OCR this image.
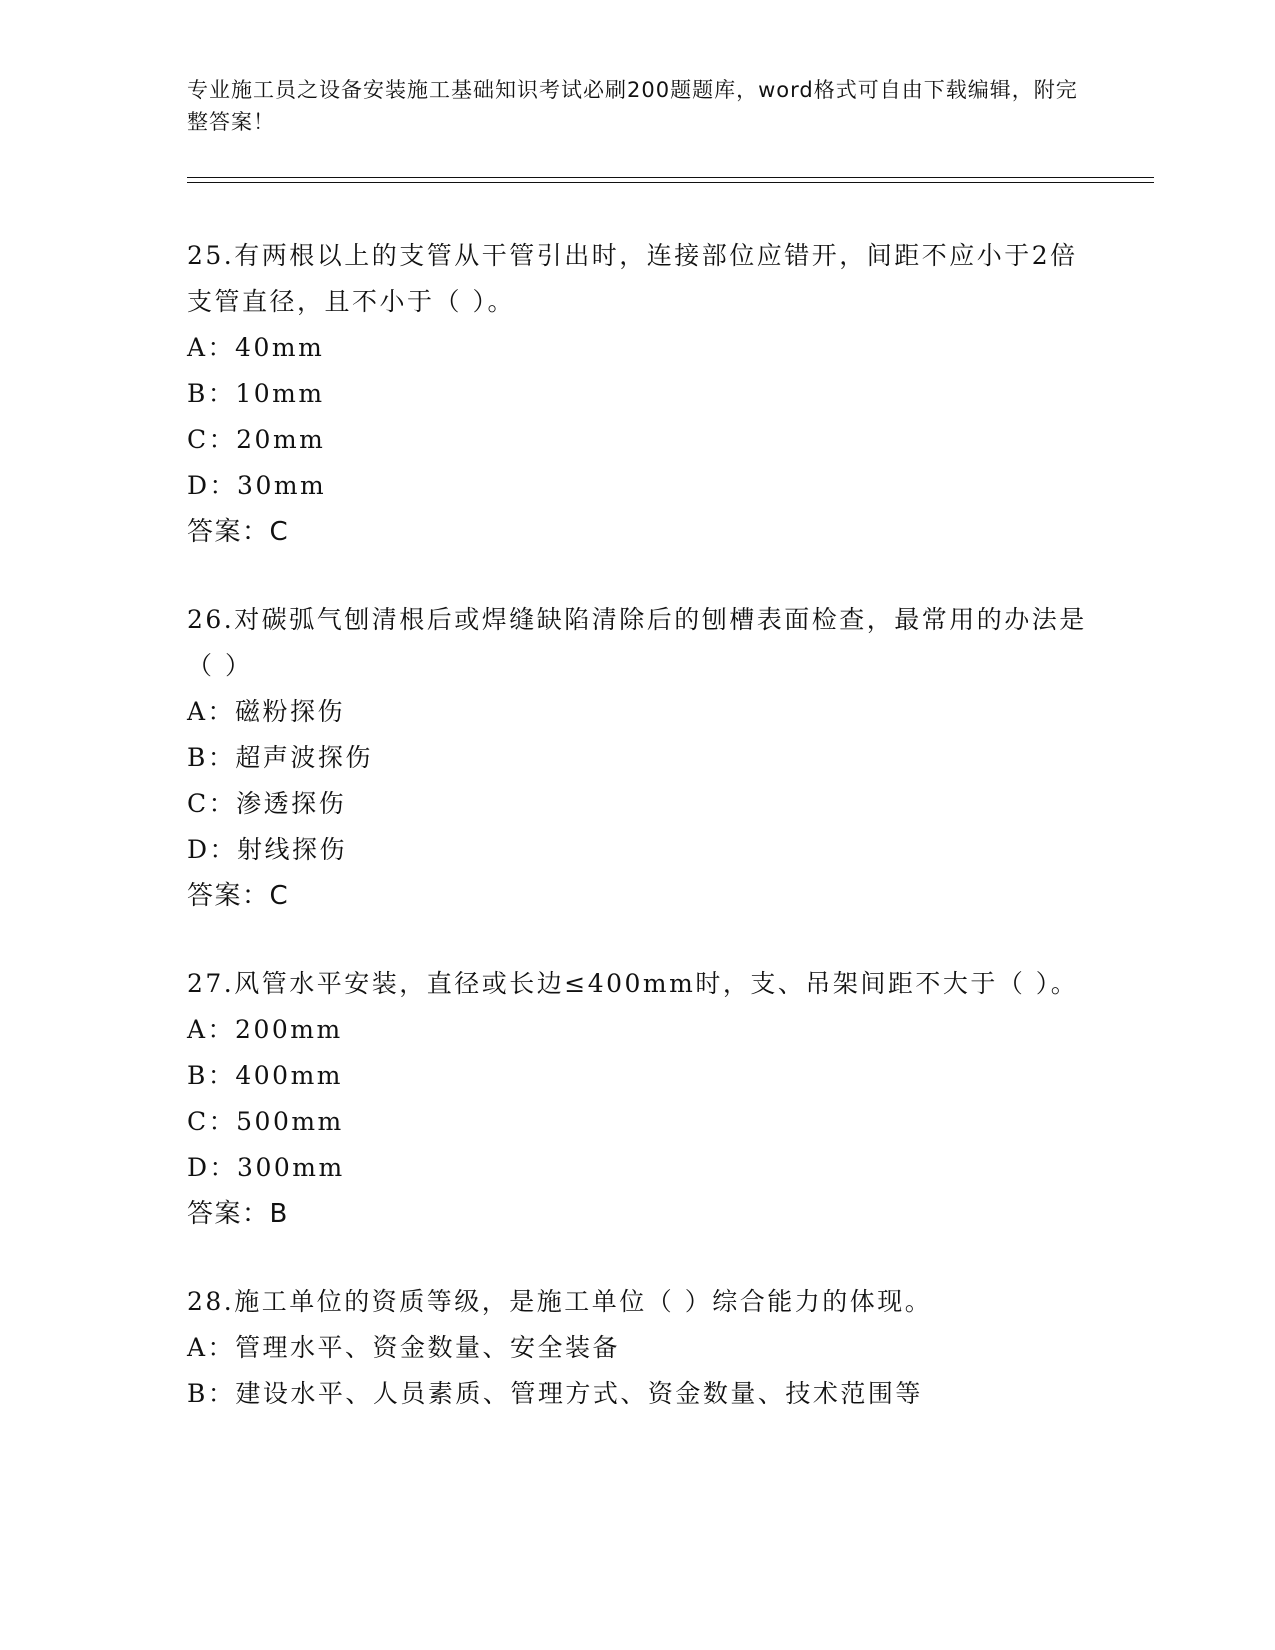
专业施工员之设备安装施工基础知识考试必刷200题题库，word格式可自由下载编辑，附完整答案！

25.有两根以上的支管从干管引出时，连接部位应错开，间距不应小于2倍支管直径，且不小于（ ）。

A：40mm

B：10mm

C：20mm

D：30mm

答案：C

26.对碳弧气刨清根后或焊缝缺陷清除后的刨槽表面检查，最常用的办法是（ ）

A：磁粉探伤

B：超声波探伤

C：渗透探伤

D：射线探伤

答案：C

27.风管水平安装，直径或长边≤400mm时，支、吊架间距不大于（ ）。

A：200mm

B：400mm

C：500mm

D：300mm

答案：B

28.施工单位的资质等级，是施工单位（ ）综合能力的体现。

A：管理水平、资金数量、安全装备

B：建设水平、人员素质、管理方式、资金数量、技术范围等
